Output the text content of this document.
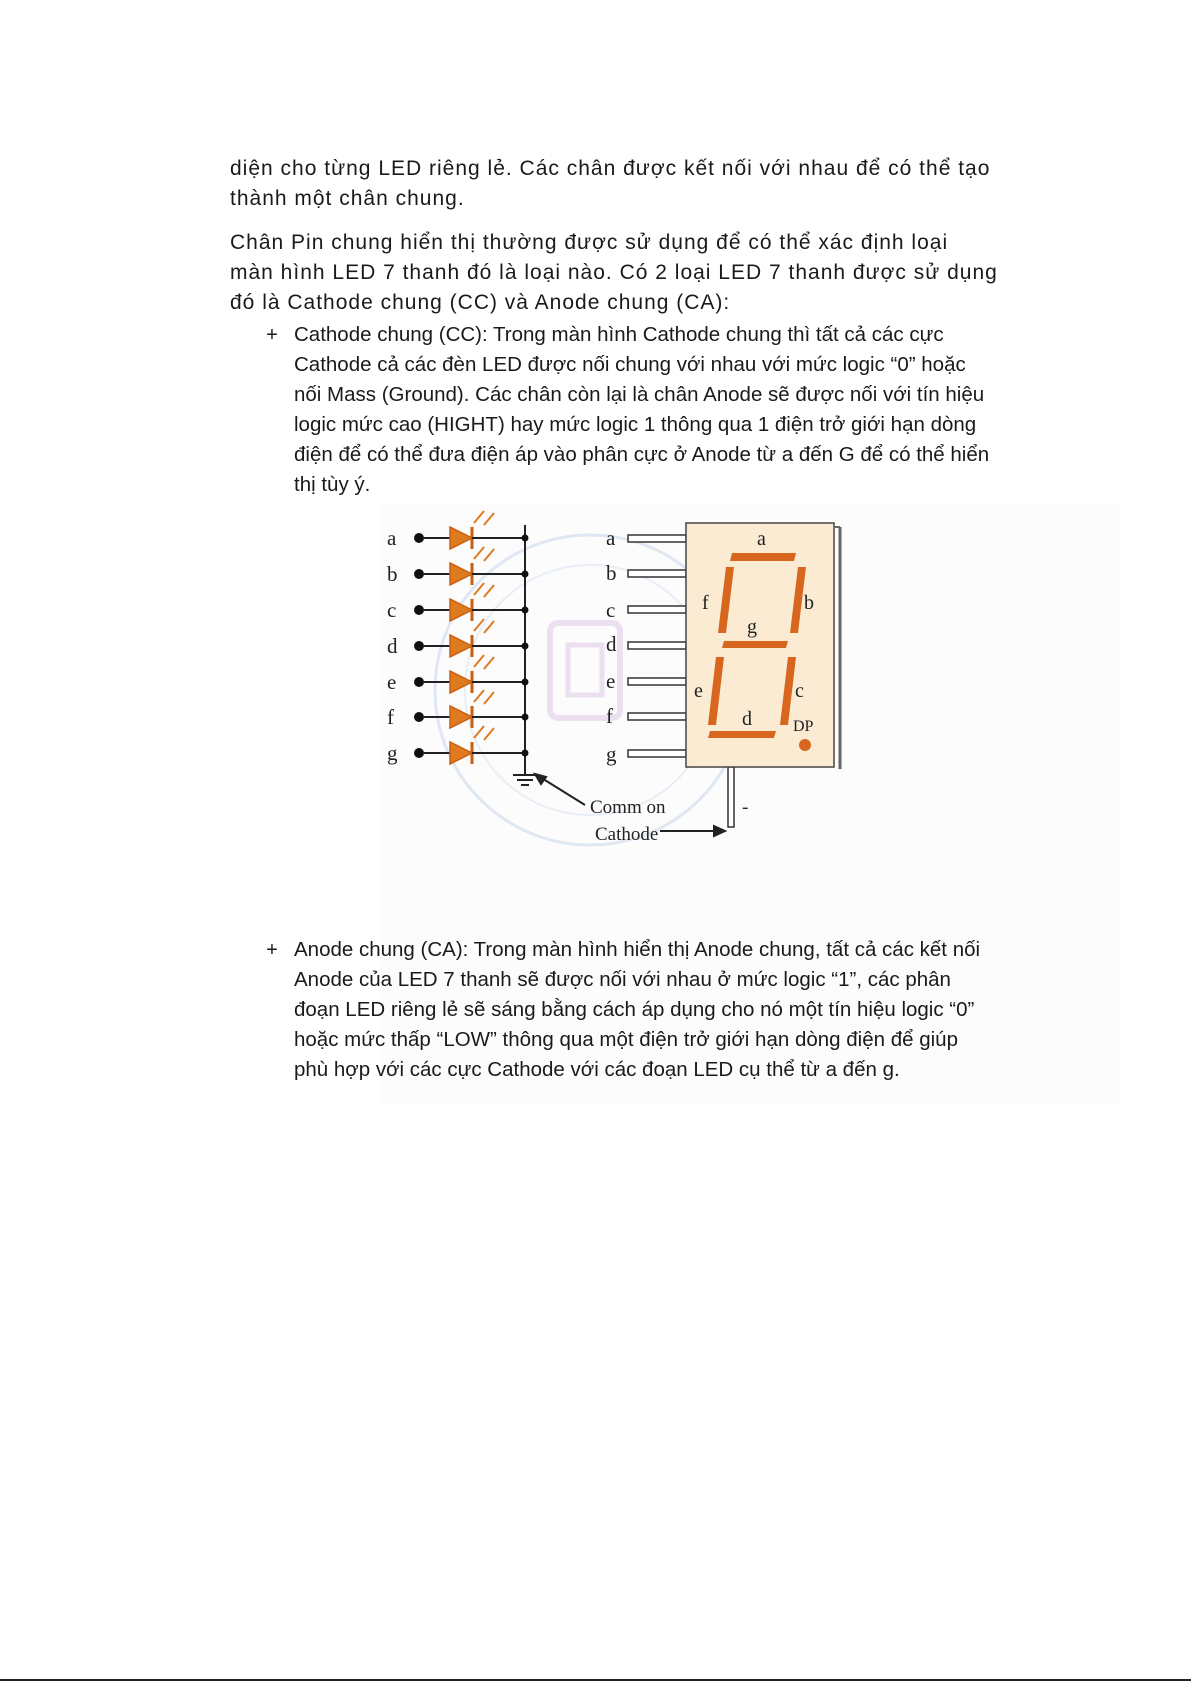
diện cho từng LED riêng lẻ. Các chân được kết nối với nhau để có thể tạo
thành một chân chung.
Chân Pin chung hiển thị thường được sử dụng để có thể xác định loại
màn hình LED 7 thanh đó là loại nào. Có 2 loại LED 7 thanh được sử dụng
đó là Cathode chung (CC) và Anode chung (CA):
+ Cathode chung (CC): Trong màn hình Cathode chung thì tất cả các cực
Cathode cả các đèn LED được nối chung với nhau với mức logic “0” hoặc
nối Mass (Ground). Các chân còn lại là chân Anode sẽ được nối với tín hiệu
logic mức cao (HIGHT) hay mức logic 1 thông qua 1 điện trở giới hạn dòng
điện để có thể đưa điện áp vào phân cực ở Anode từ a đến G để có thể hiển
thị tùy ý.
a
b
c
d
e
f
g
a
b
c
d
e
f
g
a
f	b
g
e	c
d	DP
Comm on
Cathode
-
+ Anode chung (CA): Trong màn hình hiển thị Anode chung, tất cả các kết nối
Anode của LED 7 thanh sẽ được nối với nhau ở mức logic “1”, các phân
đoạn LED riêng lẻ sẽ sáng bằng cách áp dụng cho nó một tín hiệu logic “0”
hoặc mức thấp “LOW” thông qua một điện trở giới hạn dòng điện để giúp
phù hợp với các cực Cathode với các đoạn LED cụ thể từ a đến g.
